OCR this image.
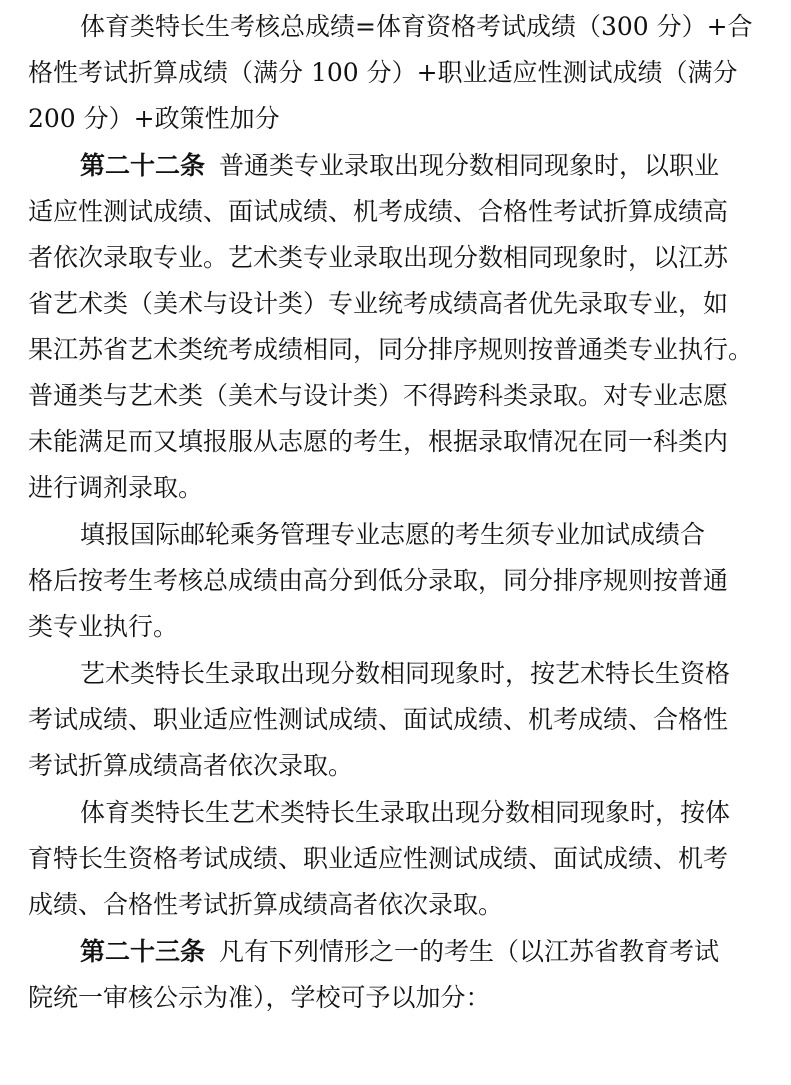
体育类特长生考核总成绩=体育资格考试成绩（300 分）+合
格性考试折算成绩（满分 100 分）+职业适应性测试成绩（满分
200 分）+政策性加分
第二十二条 普通类专业录取出现分数相同现象时，以职业
适应性测试成绩、面试成绩、机考成绩、合格性考试折算成绩高
者依次录取专业。艺术类专业录取出现分数相同现象时，以江苏
省艺术类（美术与设计类）专业统考成绩高者优先录取专业，如
果江苏省艺术类统考成绩相同，同分排序规则按普通类专业执行。
普通类与艺术类（美术与设计类）不得跨科类录取。对专业志愿
未能满足而又填报服从志愿的考生，根据录取情况在同一科类内
进行调剂录取。
填报国际邮轮乘务管理专业志愿的考生须专业加试成绩合
格后按考生考核总成绩由高分到低分录取，同分排序规则按普通
类专业执行。
艺术类特长生录取出现分数相同现象时，按艺术特长生资格
考试成绩、职业适应性测试成绩、面试成绩、机考成绩、合格性
考试折算成绩高者依次录取。
体育类特长生艺术类特长生录取出现分数相同现象时，按体
育特长生资格考试成绩、职业适应性测试成绩、面试成绩、机考
成绩、合格性考试折算成绩高者依次录取。
第二十三条 凡有下列情形之一的考生（以江苏省教育考试
院统一审核公示为准），学校可予以加分：
